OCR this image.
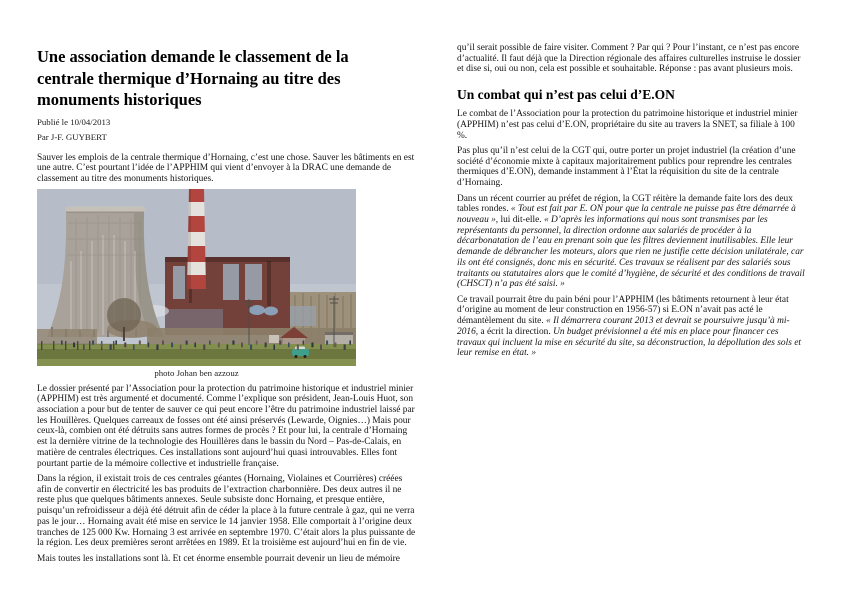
Une association demande le classement de la centrale thermique d’Hornaing au titre des monuments historiques

Publié le 10/04/2013

Par J-F. GUYBERT

Sauver les emplois de la centrale thermique d’Hornaing, c’est une chose. Sauver les bâtiments en est une autre. C’est pourtant l’idée de l’APPHIM qui vient d’envoyer à la DRAC une demande de classement au titre des monuments historiques.

photo Johan ben azzouz

Le dossier présenté par l’Association pour la protection du patrimoine historique et industriel minier (APPHIM) est très argumenté et documenté. Comme l’explique son président, Jean-Louis Huot, son association a pour but de tenter de sauver ce qui peut encore l’être du patrimoine industriel laissé par les Houillères. Quelques carreaux de fosses ont été ainsi préservés (Lewarde, Oignies…) Mais pour ceux-là, combien ont été détruits sans autres formes de procès ? Et pour lui, la centrale d’Hornaing est la dernière vitrine de la technologie des Houillères dans le bassin du Nord – Pas-de-Calais, en matière de centrales électriques. Ces installations sont aujourd’hui quasi introuvables. Elles font pourtant partie de la mémoire collective et industrielle française.

Dans la région, il existait trois de ces centrales géantes (Hornaing, Violaines et Courrières) créées afin de convertir en électricité les bas produits de l’extraction charbonnière. Des deux autres il ne reste plus que quelques bâtiments annexes. Seule subsiste donc Hornaing, et presque entière, puisqu’un refroidisseur a déjà été détruit afin de céder la place à la future centrale à gaz, qui ne verra pas le jour… Hornaing avait été mise en service le 14 janvier 1958. Elle comportait à l’origine deux tranches de 125 000 Kw. Hornaing 3 est arrivée en septembre 1970. C’était alors la plus puissante de la région. Les deux premières seront arrêtées en 1989. Et la troisième est aujourd’hui en fin de vie.

Mais toutes les installations sont là. Et cet énorme ensemble pourrait devenir un lieu de mémoire

qu’il serait possible de faire visiter. Comment ? Par qui ? Pour l’instant, ce n’est pas encore d’actualité. Il faut déjà que la Direction régionale des affaires culturelles instruise le dossier et dise si, oui ou non, cela est possible et souhaitable. Réponse : pas avant plusieurs mois.

Un combat qui n’est pas celui d’E.ON

Le combat de l’Association pour la protection du patrimoine historique et industriel minier (APPHIM) n’est pas celui d’E.ON, propriétaire du site au travers la SNET, sa filiale à 100 %.

Pas plus qu’il n’est celui de la CGT qui, outre porter un projet industriel (la création d’une société d’économie mixte à capitaux majoritairement publics pour reprendre les centrales thermiques d’E.ON), demande instamment à l’État la réquisition du site de la centrale d’Hornaing.

Dans un récent courrier au préfet de région, la CGT réitère la demande faite lors des deux tables rondes. « Tout est fait par E. ON pour que la centrale ne puisse pas être démarrée à nouveau », lui dit-elle. « D’après les informations qui nous sont transmises par les représentants du personnel, la direction ordonne aux salariés de procéder à la décarbonatation de l’eau en prenant soin que les filtres deviennent inutilisables. Elle leur demande de débrancher les moteurs, alors que rien ne justifie cette décision unilatérale, car ils ont été consignés, donc mis en sécurité. Ces travaux se réalisent par des salariés sous traitants ou statutaires alors que le comité d’hygiène, de sécurité et des conditions de travail (CHSCT) n’a pas été saisi. »

Ce travail pourrait être du pain béni pour l’APPHIM (les bâtiments retournent à leur état d’origine au moment de leur construction en 1956-57) si E.ON n’avait pas acté le démantèlement du site. « Il démarrera courant 2013 et devrait se poursuivre jusqu’à mi-2016, a écrit la direction. Un budget prévisionnel a été mis en place pour financer ces travaux qui incluent la mise en sécurité du site, sa déconstruction, la dépollution des sols et leur remise en état. »
